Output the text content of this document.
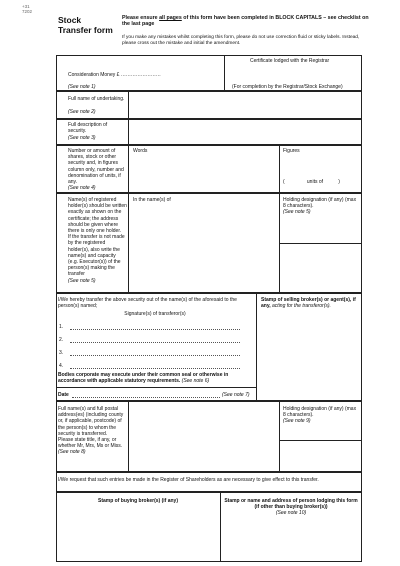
+31
7202
Stock
Transfer form
Please ensure all pages of this form have been completed in BLOCK CAPITALS – see checklist on the last page
If you make any mistakes whilst completing this form, please do not use correction fluid or sticky labels. Instead, please cross out the mistake and initial the amendment.
Certificate lodged with the Registrar
Consideration Money £ ……………………
(See note 1)	(For completion by the Registrar/Stock Exchange)
Full name of undertaking.
(See note 2)
Full description of security.
(See note 3)
Number or amount of shares, stock or other security and, in figures column only, number and denomination of units, if any.
(See note 4)
Words	Figures
(                units of           )
Name(s) of registered holder(s) should be written exactly as shown on the certificate; the address should be given where there is only one holder.
If the transfer is not made by the registered holder(s), also write the name(s) and capacity (e.g. Executor(s)) of the person(s) making the transfer
(See note 5)
In the name(s) of	Holding designation (if any) (max 8 characters).
(See note 5)
I/We hereby transfer the above security out of the name(s) of the aforesaid to the person(s) named;
Signature(s) of transferor(s)
Stamp of selling broker(s) or agent(s), if any, acting for the transferor(s).
1.
2.
3.
4.
Bodies corporate may execute under their common seal or otherwise in accordance with applicable statutory requirements. (See note 6)
Date	(See note 7)
Full name(s) and full postal address(es) (including county or, if applicable, postcode) of the person(s) to whom the security is transferred.
Please state title, if any, or whether Mr, Mrs, Ms or Miss.
(See note 8)
Holding designation (if any) (max 8 characters).
(See note 9)
I/We request that such entries be made in the Register of Shareholders as are necessary to give effect to this transfer.
Stamp of buying broker(s) (if any)	Stamp or name and address of person lodging this form (if other than buying broker(s))
(See note 10)
